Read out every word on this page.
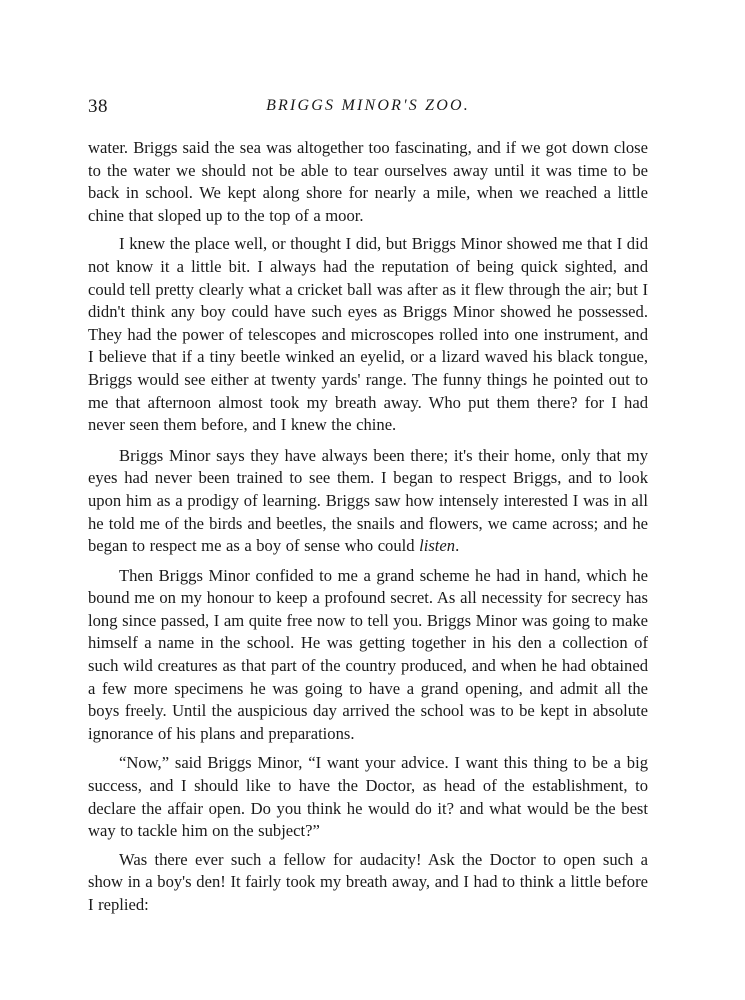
38	BRIGGS MINOR'S ZOO.

water. Briggs said the sea was altogether too fascinating, and if we got down close to the water we should not be able to tear ourselves away until it was time to be back in school. We kept along shore for nearly a mile, when we reached a little chine that sloped up to the top of a moor.

I knew the place well, or thought I did, but Briggs Minor showed me that I did not know it a little bit. I always had the reputation of being quick sighted, and could tell pretty clearly what a cricket ball was after as it flew through the air; but I didn't think any boy could have such eyes as Briggs Minor showed he possessed. They had the power of telescopes and microscopes rolled into one instrument, and I believe that if a tiny beetle winked an eyelid, or a lizard waved his black tongue, Briggs would see either at twenty yards' range. The funny things he pointed out to me that afternoon almost took my breath away. Who put them there? for I had never seen them before, and I knew the chine.

Briggs Minor says they have always been there; it's their home, only that my eyes had never been trained to see them. I began to respect Briggs, and to look upon him as a prodigy of learning. Briggs saw how intensely interested I was in all he told me of the birds and beetles, the snails and flowers, we came across; and he began to respect me as a boy of sense who could listen.

Then Briggs Minor confided to me a grand scheme he had in hand, which he bound me on my honour to keep a profound secret. As all necessity for secrecy has long since passed, I am quite free now to tell you. Briggs Minor was going to make himself a name in the school. He was getting together in his den a collection of such wild creatures as that part of the country produced, and when he had obtained a few more specimens he was going to have a grand opening, and admit all the boys freely. Until the auspicious day arrived the school was to be kept in absolute ignorance of his plans and preparations.

“Now,” said Briggs Minor, “I want your advice. I want this thing to be a big success, and I should like to have the Doctor, as head of the establishment, to declare the affair open. Do you think he would do it? and what would be the best way to tackle him on the subject?”

Was there ever such a fellow for audacity! Ask the Doctor to open such a show in a boy's den! It fairly took my breath away, and I had to think a little before I replied:
